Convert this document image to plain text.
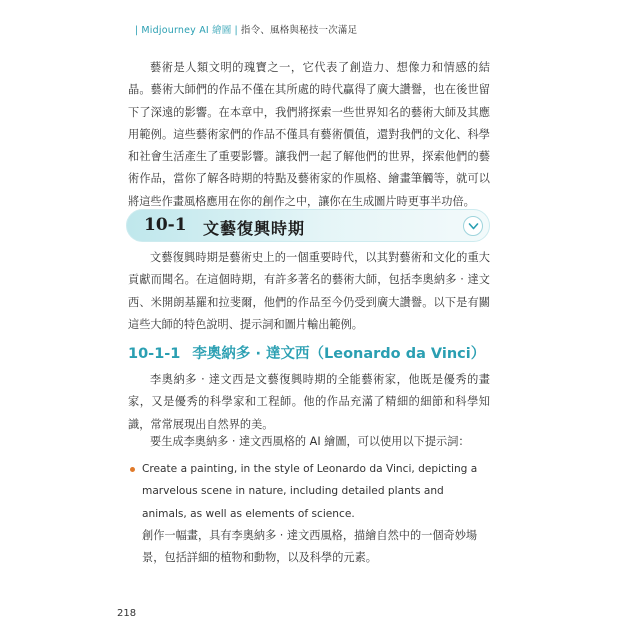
| Midjourney AI 繪圖 | 指令、風格與秘技一次滿足

藝術是人類文明的瑰寶之一，它代表了創造力、想像力和情感的結晶。藝術大師們的作品不僅在其所處的時代贏得了廣大讚譽，也在後世留下了深遠的影響。在本章中，我們將探索一些世界知名的藝術大師及其應用範例。這些藝術家們的作品不僅具有藝術價值，還對我們的文化、科學和社會生活產生了重要影響。讓我們一起了解他們的世界，探索他們的藝術作品，當你了解各時期的特點及藝術家的作風格、繪畫筆觸等，就可以將這些作畫風格應用在你的創作之中，讓你在生成圖片時更事半功倍。

10-1 文藝復興時期

文藝復興時期是藝術史上的一個重要時代，以其對藝術和文化的重大貢獻而聞名。在這個時期，有許多著名的藝術大師，包括李奧納多 · 達文西、米開朗基羅和拉斐爾，他們的作品至今仍受到廣大讚譽。以下是有關這些大師的特色說明、提示詞和圖片輸出範例。

10-1-1 李奧納多 · 達文西（Leonardo da Vinci）

李奧納多 · 達文西是文藝復興時期的全能藝術家，他既是優秀的畫家，又是優秀的科學家和工程師。他的作品充滿了精細的細節和科學知識，常常展現出自然界的美。

要生成李奧納多 · 達文西風格的 AI 繪圖，可以使用以下提示詞：

Create a painting, in the style of Leonardo da Vinci, depicting a marvelous scene in nature, including detailed plants and animals, as well as elements of science.
創作一幅畫，具有李奧納多 · 達文西風格，描繪自然中的一個奇妙場景，包括詳細的植物和動物，以及科學的元素。
218
